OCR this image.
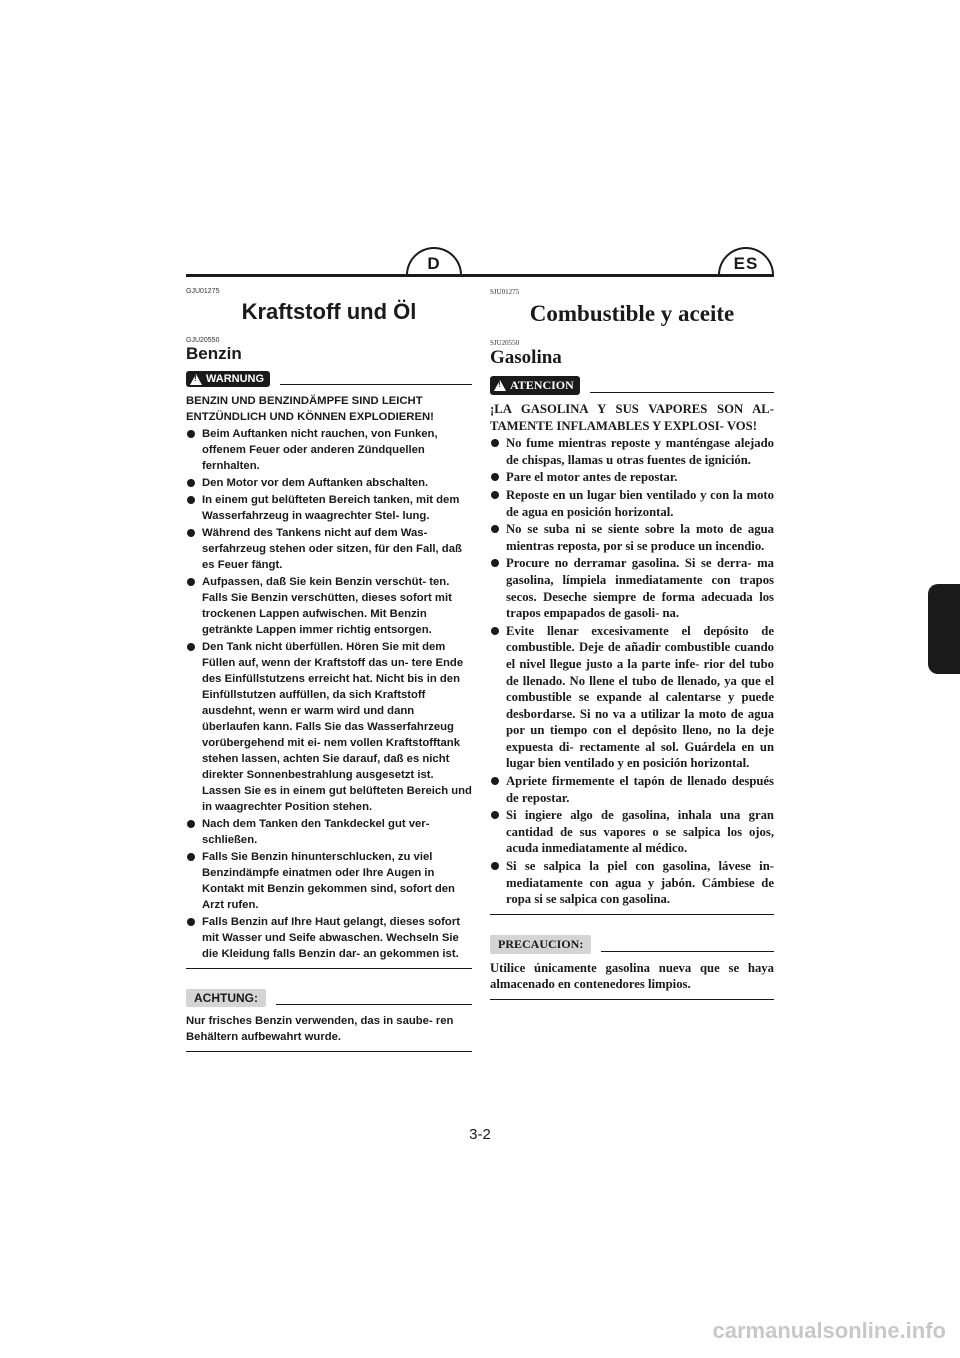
D	ES

GJU01275

Kraftstoff und Öl

GJU20550

Benzin
!
WARNUNG

BENZIN UND BENZINDÄMPFE SIND LEICHT ENTZÜNDLICH UND KÖNNEN EXPLODIEREN!

Beim Auftanken nicht rauchen, von Funken, offenem Feuer oder anderen Zündquellen fernhalten.
Den Motor vor dem Auftanken abschalten.
In einem gut belüfteten Bereich tanken, mit dem Wasserfahrzeug in waagrechter Stel- lung.
Während des Tankens nicht auf dem Was- serfahrzeug stehen oder sitzen, für den Fall, daß es Feuer fängt.
Aufpassen, daß Sie kein Benzin verschüt- ten. Falls Sie Benzin verschütten, dieses sofort mit trockenen Lappen aufwischen. Mit Benzin getränkte Lappen immer richtig entsorgen.
Den Tank nicht überfüllen. Hören Sie mit dem Füllen auf, wenn der Kraftstoff das un- tere Ende des Einfüllstutzens erreicht hat. Nicht bis in den Einfüllstutzen auffüllen, da sich Kraftstoff ausdehnt, wenn er warm wird und dann überlaufen kann. Falls Sie das Wasserfahrzeug vorübergehend mit ei- nem vollen Kraftstofftank stehen lassen, achten Sie darauf, daß es nicht direkter Sonnenbestrahlung ausgesetzt ist. Lassen Sie es in einem gut belüfteten Bereich und in waagrechter Position stehen.
Nach dem Tanken den Tankdeckel gut ver- schließen.
Falls Sie Benzin hinunterschlucken, zu viel Benzindämpfe einatmen oder Ihre Augen in Kontakt mit Benzin gekommen sind, sofort den Arzt rufen.
Falls Benzin auf Ihre Haut gelangt, dieses sofort mit Wasser und Seife abwaschen. Wechseln Sie die Kleidung falls Benzin dar- an gekommen ist.
ACHTUNG:
Nur frisches Benzin verwenden, das in saube- ren Behältern aufbewahrt wurde.

SJU01275

Combustible y aceite

SJU20550

Gasolina
!
ATENCION

¡LA GASOLINA Y SUS VAPORES SON AL- TAMENTE INFLAMABLES Y EXPLOSI- VOS!

No fume mientras reposte y manténgase alejado de chispas, llamas u otras fuentes de ignición.
Pare el motor antes de repostar.
Reposte en un lugar bien ventilado y con la moto de agua en posición horizontal.
No se suba ni se siente sobre la moto de agua mientras reposta, por si se produce un incendio.
Procure no derramar gasolina. Si se derra- ma gasolina, límpiela inmediatamente con trapos secos. Deseche siempre de forma adecuada los trapos empapados de gasoli- na.
Evite llenar excesivamente el depósito de combustible. Deje de añadir combustible cuando el nivel llegue justo a la parte infe- rior del tubo de llenado. No llene el tubo de llenado, ya que el combustible se expande al calentarse y puede desbordarse. Si no va a utilizar la moto de agua por un tiempo con el depósito lleno, no la deje expuesta di- rectamente al sol. Guárdela en un lugar bien ventilado y en posición horizontal.
Apriete firmemente el tapón de llenado después de repostar.
Si ingiere algo de gasolina, inhala una gran cantidad de sus vapores o se salpica los ojos, acuda inmediatamente al médico.
Si se salpica la piel con gasolina, lávese in- mediatamente con agua y jabón. Cámbiese de ropa si se salpica con gasolina.
PRECAUCION:
Utilice únicamente gasolina nueva que se haya almacenado en contenedores limpios.
3-2
carmanualsonline.info
